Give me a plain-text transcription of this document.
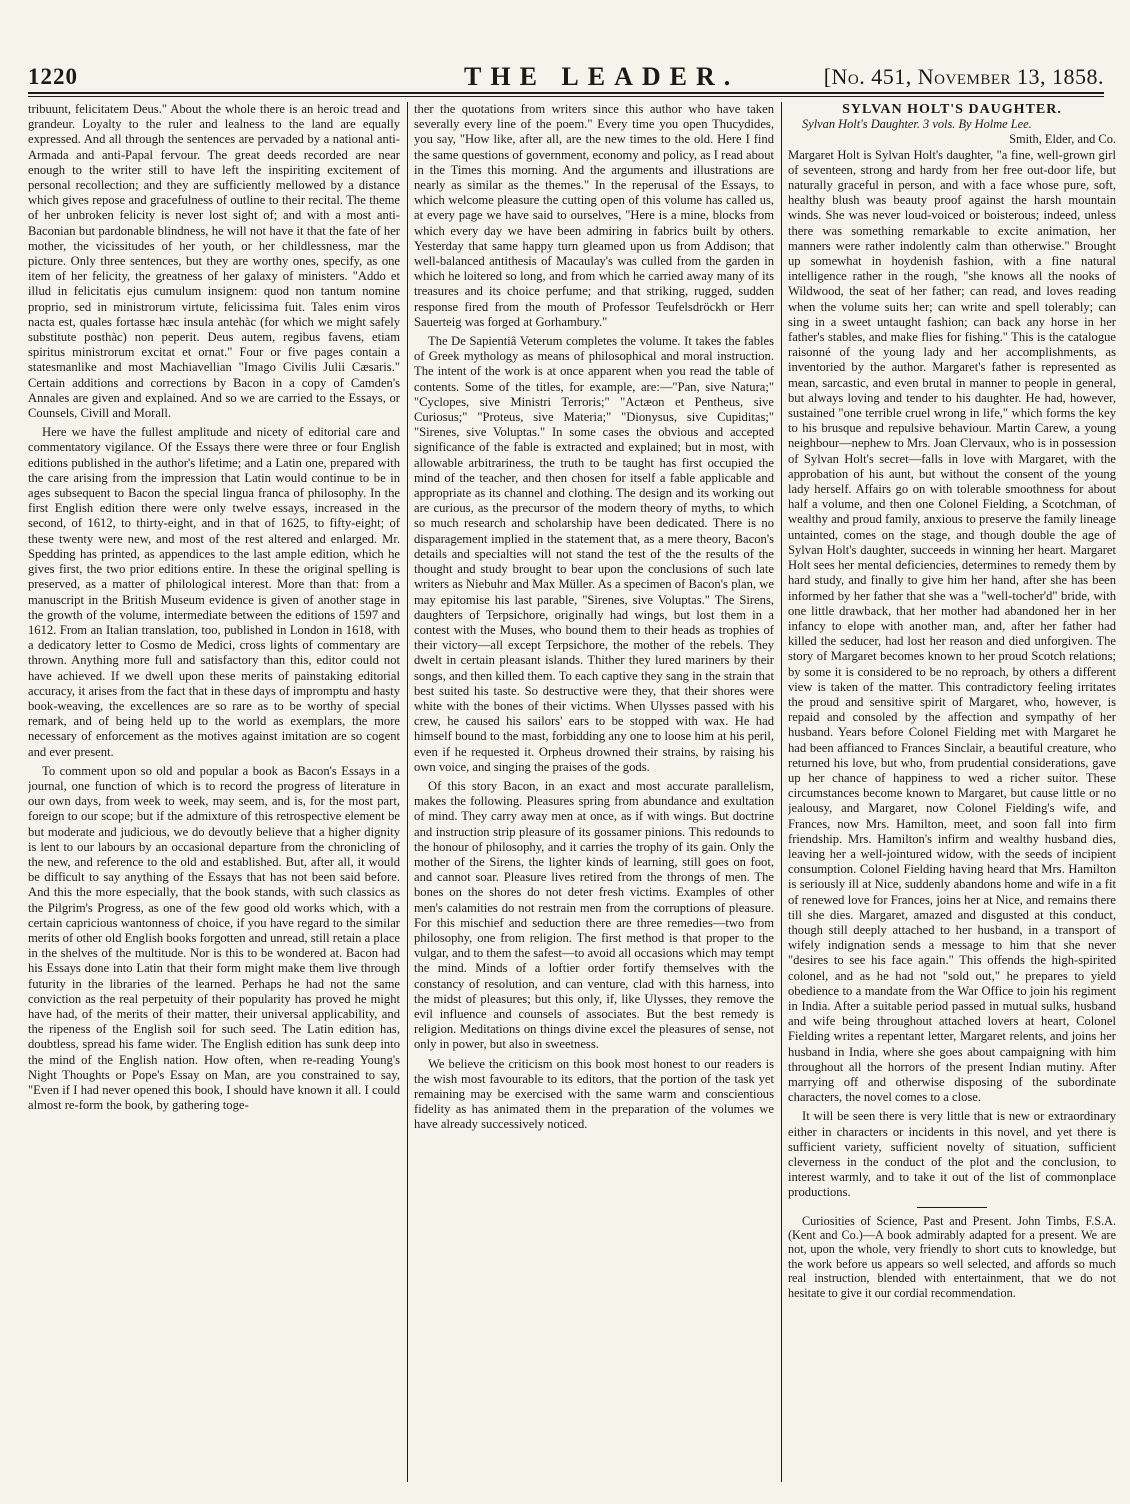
1220	THE LEADER.	[No. 451, November 13, 1858.

tribuunt, felicitatem Deus." About the whole there is an heroic tread and grandeur. Loyalty to the ruler and lealness to the land are equally expressed. And all through the sentences are pervaded by a national anti-Armada and anti-Papal fervour. The great deeds recorded are near enough to the writer still to have left the inspiriting excitement of personal recollection; and they are sufficiently mellowed by a distance which gives repose and gracefulness of outline to their recital. The theme of her unbroken felicity is never lost sight of; and with a most anti-Baconian but pardonable blindness, he will not have it that the fate of her mother, the vicissitudes of her youth, or her childlessness, mar the picture. Only three sentences, but they are worthy ones, specify, as one item of her felicity, the greatness of her galaxy of ministers. "Addo et illud in felicitatis ejus cumulum insignem: quod non tantum nomine proprio, sed in ministrorum virtute, felicissima fuit. Tales enim viros nacta est, quales fortasse hæc insula antehàc (for which we might safely substitute posthàc) non peperit. Deus autem, regibus favens, etiam spiritus ministrorum excitat et ornat." Four or five pages contain a statesmanlike and most Machiavellian "Imago Civilis Julii Cæsaris." Certain additions and corrections by Bacon in a copy of Camden's Annales are given and explained. And so we are carried to the Essays, or Counsels, Civill and Morall.

Here we have the fullest amplitude and nicety of editorial care and commentatory vigilance. Of the Essays there were three or four English editions published in the author's lifetime; and a Latin one, prepared with the care arising from the impression that Latin would continue to be in ages subsequent to Bacon the special lingua franca of philosophy. In the first English edition there were only twelve essays, increased in the second, of 1612, to thirty-eight, and in that of 1625, to fifty-eight; of these twenty were new, and most of the rest altered and enlarged. Mr. Spedding has printed, as appendices to the last ample edition, which he gives first, the two prior editions entire. In these the original spelling is preserved, as a matter of philological interest. More than that: from a manuscript in the British Museum evidence is given of another stage in the growth of the volume, intermediate between the editions of 1597 and 1612. From an Italian translation, too, published in London in 1618, with a dedicatory letter to Cosmo de Medici, cross lights of commentary are thrown. Anything more full and satisfactory than this, editor could not have achieved. If we dwell upon these merits of painstaking editorial accuracy, it arises from the fact that in these days of impromptu and hasty book-weaving, the excellences are so rare as to be worthy of special remark, and of being held up to the world as exemplars, the more necessary of enforcement as the motives against imitation are so cogent and ever present.

To comment upon so old and popular a book as Bacon's Essays in a journal, one function of which is to record the progress of literature in our own days, from week to week, may seem, and is, for the most part, foreign to our scope; but if the admixture of this retrospective element be but moderate and judicious, we do devoutly believe that a higher dignity is lent to our labours by an occasional departure from the chronicling of the new, and reference to the old and established. But, after all, it would be difficult to say anything of the Essays that has not been said before. And this the more especially, that the book stands, with such classics as the Pilgrim's Progress, as one of the few good old works which, with a certain capricious wantonness of choice, if you have regard to the similar merits of other old English books forgotten and unread, still retain a place in the shelves of the multitude. Nor is this to be wondered at. Bacon had his Essays done into Latin that their form might make them live through futurity in the libraries of the learned. Perhaps he had not the same conviction as the real perpetuity of their popularity has proved he might have had, of the merits of their matter, their universal applicability, and the ripeness of the English soil for such seed. The Latin edition has, doubtless, spread his fame wider. The English edition has sunk deep into the mind of the English nation. How often, when re-reading Young's Night Thoughts or Pope's Essay on Man, are you constrained to say, "Even if I had never opened this book, I should have known it all. I could almost re-form the book, by gathering toge-

ther the quotations from writers since this author who have taken severally every line of the poem." Every time you open Thucydides, you say, "How like, after all, are the new times to the old. Here I find the same questions of government, economy and policy, as I read about in the Times this morning. And the arguments and illustrations are nearly as similar as the themes." In the reperusal of the Essays, to which welcome pleasure the cutting open of this volume has called us, at every page we have said to ourselves, "Here is a mine, blocks from which every day we have been admiring in fabrics built by others. Yesterday that same happy turn gleamed upon us from Addison; that well-balanced antithesis of Macaulay's was culled from the garden in which he loitered so long, and from which he carried away many of its treasures and its choice perfume; and that striking, rugged, sudden response fired from the mouth of Professor Teufelsdröckh or Herr Sauerteig was forged at Gorhambury."

The De Sapientiâ Veterum completes the volume. It takes the fables of Greek mythology as means of philosophical and moral instruction. The intent of the work is at once apparent when you read the table of contents. Some of the titles, for example, are:—"Pan, sive Natura;" "Cyclopes, sive Ministri Terroris;" "Actæon et Pentheus, sive Curiosus;" "Proteus, sive Materia;" "Dionysus, sive Cupiditas;" "Sirenes, sive Voluptas." In some cases the obvious and accepted significance of the fable is extracted and explained; but in most, with allowable arbitrariness, the truth to be taught has first occupied the mind of the teacher, and then chosen for itself a fable applicable and appropriate as its channel and clothing. The design and its working out are curious, as the precursor of the modern theory of myths, to which so much research and scholarship have been dedicated. There is no disparagement implied in the statement that, as a mere theory, Bacon's details and specialties will not stand the test of the the results of the thought and study brought to bear upon the conclusions of such late writers as Niebuhr and Max Müller. As a specimen of Bacon's plan, we may epitomise his last parable, "Sirenes, sive Voluptas." The Sirens, daughters of Terpsichore, originally had wings, but lost them in a contest with the Muses, who bound them to their heads as trophies of their victory—all except Terpsichore, the mother of the rebels. They dwelt in certain pleasant islands. Thither they lured mariners by their songs, and then killed them. To each captive they sang in the strain that best suited his taste. So destructive were they, that their shores were white with the bones of their victims. When Ulysses passed with his crew, he caused his sailors' ears to be stopped with wax. He had himself bound to the mast, forbidding any one to loose him at his peril, even if he requested it. Orpheus drowned their strains, by raising his own voice, and singing the praises of the gods.

Of this story Bacon, in an exact and most accurate parallelism, makes the following. Pleasures spring from abundance and exultation of mind. They carry away men at once, as if with wings. But doctrine and instruction strip pleasure of its gossamer pinions. This redounds to the honour of philosophy, and it carries the trophy of its gain. Only the mother of the Sirens, the lighter kinds of learning, still goes on foot, and cannot soar. Pleasure lives retired from the throngs of men. The bones on the shores do not deter fresh victims. Examples of other men's calamities do not restrain men from the corruptions of pleasure. For this mischief and seduction there are three remedies—two from philosophy, one from religion. The first method is that proper to the vulgar, and to them the safest—to avoid all occasions which may tempt the mind. Minds of a loftier order fortify themselves with the constancy of resolution, and can venture, clad with this harness, into the midst of pleasures; but this only, if, like Ulysses, they remove the evil influence and counsels of associates. But the best remedy is religion. Meditations on things divine excel the pleasures of sense, not only in power, but also in sweetness.

We believe the criticism on this book most honest to our readers is the wish most favourable to its editors, that the portion of the task yet remaining may be exercised with the same warm and conscientious fidelity as has animated them in the preparation of the volumes we have already successively noticed.

SYLVAN HOLT'S DAUGHTER.

Sylvan Holt's Daughter. 3 vols. By Holme Lee.

Smith, Elder, and Co.

Margaret Holt is Sylvan Holt's daughter, "a fine, well-grown girl of seventeen, strong and hardy from her free out-door life, but naturally graceful in person, and with a face whose pure, soft, healthy blush was beauty proof against the harsh mountain winds. She was never loud-voiced or boisterous; indeed, unless there was something remarkable to excite animation, her manners were rather indolently calm than otherwise." Brought up somewhat in hoydenish fashion, with a fine natural intelligence rather in the rough, "she knows all the nooks of Wildwood, the seat of her father; can read, and loves reading when the volume suits her; can write and spell tolerably; can sing in a sweet untaught fashion; can back any horse in her father's stables, and make flies for fishing." This is the catalogue raisonné of the young lady and her accomplishments, as inventoried by the author. Margaret's father is represented as mean, sarcastic, and even brutal in manner to people in general, but always loving and tender to his daughter. He had, however, sustained "one terrible cruel wrong in life," which forms the key to his brusque and repulsive behaviour. Martin Carew, a young neighbour—nephew to Mrs. Joan Clervaux, who is in possession of Sylvan Holt's secret—falls in love with Margaret, with the approbation of his aunt, but without the consent of the young lady herself. Affairs go on with tolerable smoothness for about half a volume, and then one Colonel Fielding, a Scotchman, of wealthy and proud family, anxious to preserve the family lineage untainted, comes on the stage, and though double the age of Sylvan Holt's daughter, succeeds in winning her heart. Margaret Holt sees her mental deficiencies, determines to remedy them by hard study, and finally to give him her hand, after she has been informed by her father that she was a "well-tocher'd" bride, with one little drawback, that her mother had abandoned her in her infancy to elope with another man, and, after her father had killed the seducer, had lost her reason and died unforgiven. The story of Margaret becomes known to her proud Scotch relations; by some it is considered to be no reproach, by others a different view is taken of the matter. This contradictory feeling irritates the proud and sensitive spirit of Margaret, who, however, is repaid and consoled by the affection and sympathy of her husband. Years before Colonel Fielding met with Margaret he had been affianced to Frances Sinclair, a beautiful creature, who returned his love, but who, from prudential considerations, gave up her chance of happiness to wed a richer suitor. These circumstances become known to Margaret, but cause little or no jealousy, and Margaret, now Colonel Fielding's wife, and Frances, now Mrs. Hamilton, meet, and soon fall into firm friendship. Mrs. Hamilton's infirm and wealthy husband dies, leaving her a well-jointured widow, with the seeds of incipient consumption. Colonel Fielding having heard that Mrs. Hamilton is seriously ill at Nice, suddenly abandons home and wife in a fit of renewed love for Frances, joins her at Nice, and remains there till she dies. Margaret, amazed and disgusted at this conduct, though still deeply attached to her husband, in a transport of wifely indignation sends a message to him that she never "desires to see his face again." This offends the high-spirited colonel, and as he had not "sold out," he prepares to yield obedience to a mandate from the War Office to join his regiment in India. After a suitable period passed in mutual sulks, husband and wife being throughout attached lovers at heart, Colonel Fielding writes a repentant letter, Margaret relents, and joins her husband in India, where she goes about campaigning with him throughout all the horrors of the present Indian mutiny. After marrying off and otherwise disposing of the subordinate characters, the novel comes to a close.

It will be seen there is very little that is new or extraordinary either in characters or incidents in this novel, and yet there is sufficient variety, sufficient novelty of situation, sufficient cleverness in the conduct of the plot and the conclusion, to interest warmly, and to take it out of the list of commonplace productions.

Curiosities of Science, Past and Present. John Timbs, F.S.A. (Kent and Co.)—A book admirably adapted for a present. We are not, upon the whole, very friendly to short cuts to knowledge, but the work before us appears so well selected, and affords so much real instruction, blended with entertainment, that we do not hesitate to give it our cordial recommendation.
